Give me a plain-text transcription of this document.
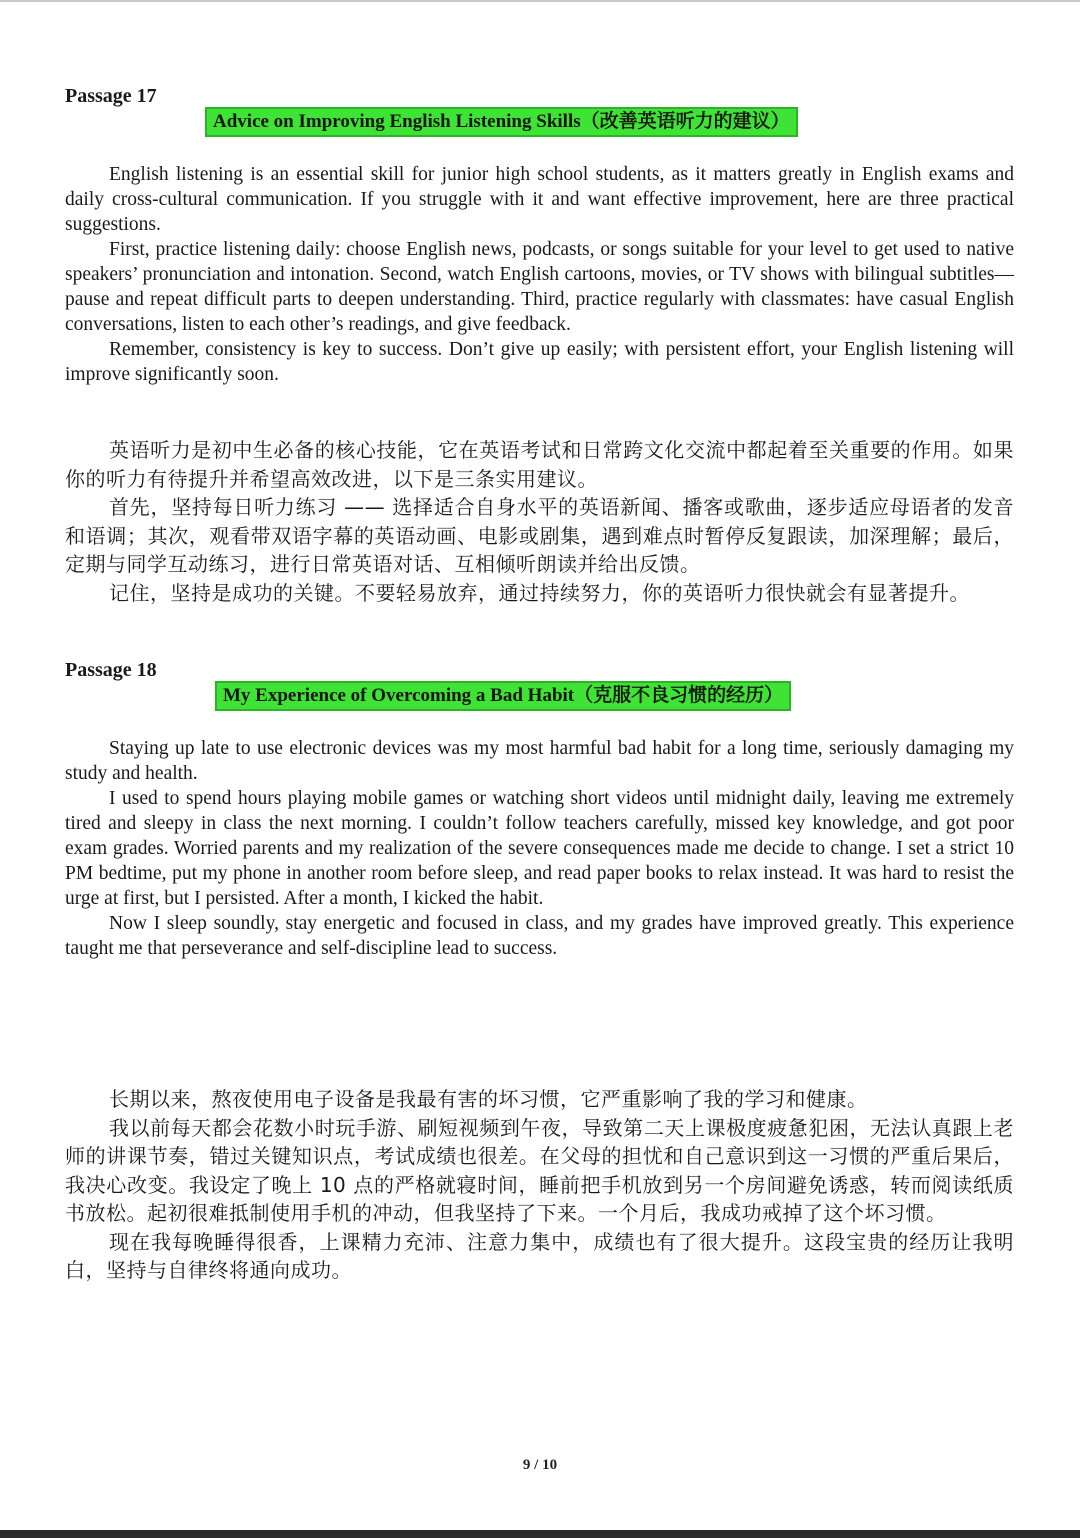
Passage 17
Advice on Improving English Listening Skills（改善英语听力的建议）

English listening is an essential skill for junior high school students, as it matters greatly in English exams and daily cross-cultural communication. If you struggle with it and want effective improvement, here are three practical suggestions.

First, practice listening daily: choose English news, podcasts, or songs suitable for your level to get used to native speakers’ pronunciation and intonation. Second, watch English cartoons, movies, or TV shows with bilingual subtitles—pause and repeat difficult parts to deepen understanding. Third, practice regularly with classmates: have casual English conversations, listen to each other’s readings, and give feedback.

Remember, consistency is key to success. Don’t give up easily; with persistent effort, your English listening will improve significantly soon.

英语听力是初中生必备的核心技能，它在英语考试和日常跨文化交流中都起着至关重要的作用。如果你的听力有待提升并希望高效改进，以下是三条实用建议。

首先，坚持每日听力练习 —— 选择适合自身水平的英语新闻、播客或歌曲，逐步适应母语者的发音和语调；其次，观看带双语字幕的英语动画、电影或剧集，遇到难点时暂停反复跟读，加深理解；最后，定期与同学互动练习，进行日常英语对话、互相倾听朗读并给出反馈。

记住，坚持是成功的关键。不要轻易放弃，通过持续努力，你的英语听力很快就会有显著提升。

Passage 18
My Experience of Overcoming a Bad Habit（克服不良习惯的经历）

Staying up late to use electronic devices was my most harmful bad habit for a long time, seriously damaging my study and health.

I used to spend hours playing mobile games or watching short videos until midnight daily, leaving me extremely tired and sleepy in class the next morning. I couldn’t follow teachers carefully, missed key knowledge, and got poor exam grades. Worried parents and my realization of the severe consequences made me decide to change. I set a strict 10 PM bedtime, put my phone in another room before sleep, and read paper books to relax instead. It was hard to resist the urge at first, but I persisted. After a month, I kicked the habit.

Now I sleep soundly, stay energetic and focused in class, and my grades have improved greatly. This experience taught me that perseverance and self-discipline lead to success.

长期以来，熬夜使用电子设备是我最有害的坏习惯，它严重影响了我的学习和健康。

我以前每天都会花数小时玩手游、刷短视频到午夜，导致第二天上课极度疲惫犯困，无法认真跟上老师的讲课节奏，错过关键知识点，考试成绩也很差。在父母的担忧和自己意识到这一习惯的严重后果后，我决心改变。我设定了晚上 10 点的严格就寝时间，睡前把手机放到另一个房间避免诱惑，转而阅读纸质书放松。起初很难抵制使用手机的冲动，但我坚持了下来。一个月后，我成功戒掉了这个坏习惯。

现在我每晚睡得很香，上课精力充沛、注意力集中，成绩也有了很大提升。这段宝贵的经历让我明白，坚持与自律终将通向成功。

9 / 10
